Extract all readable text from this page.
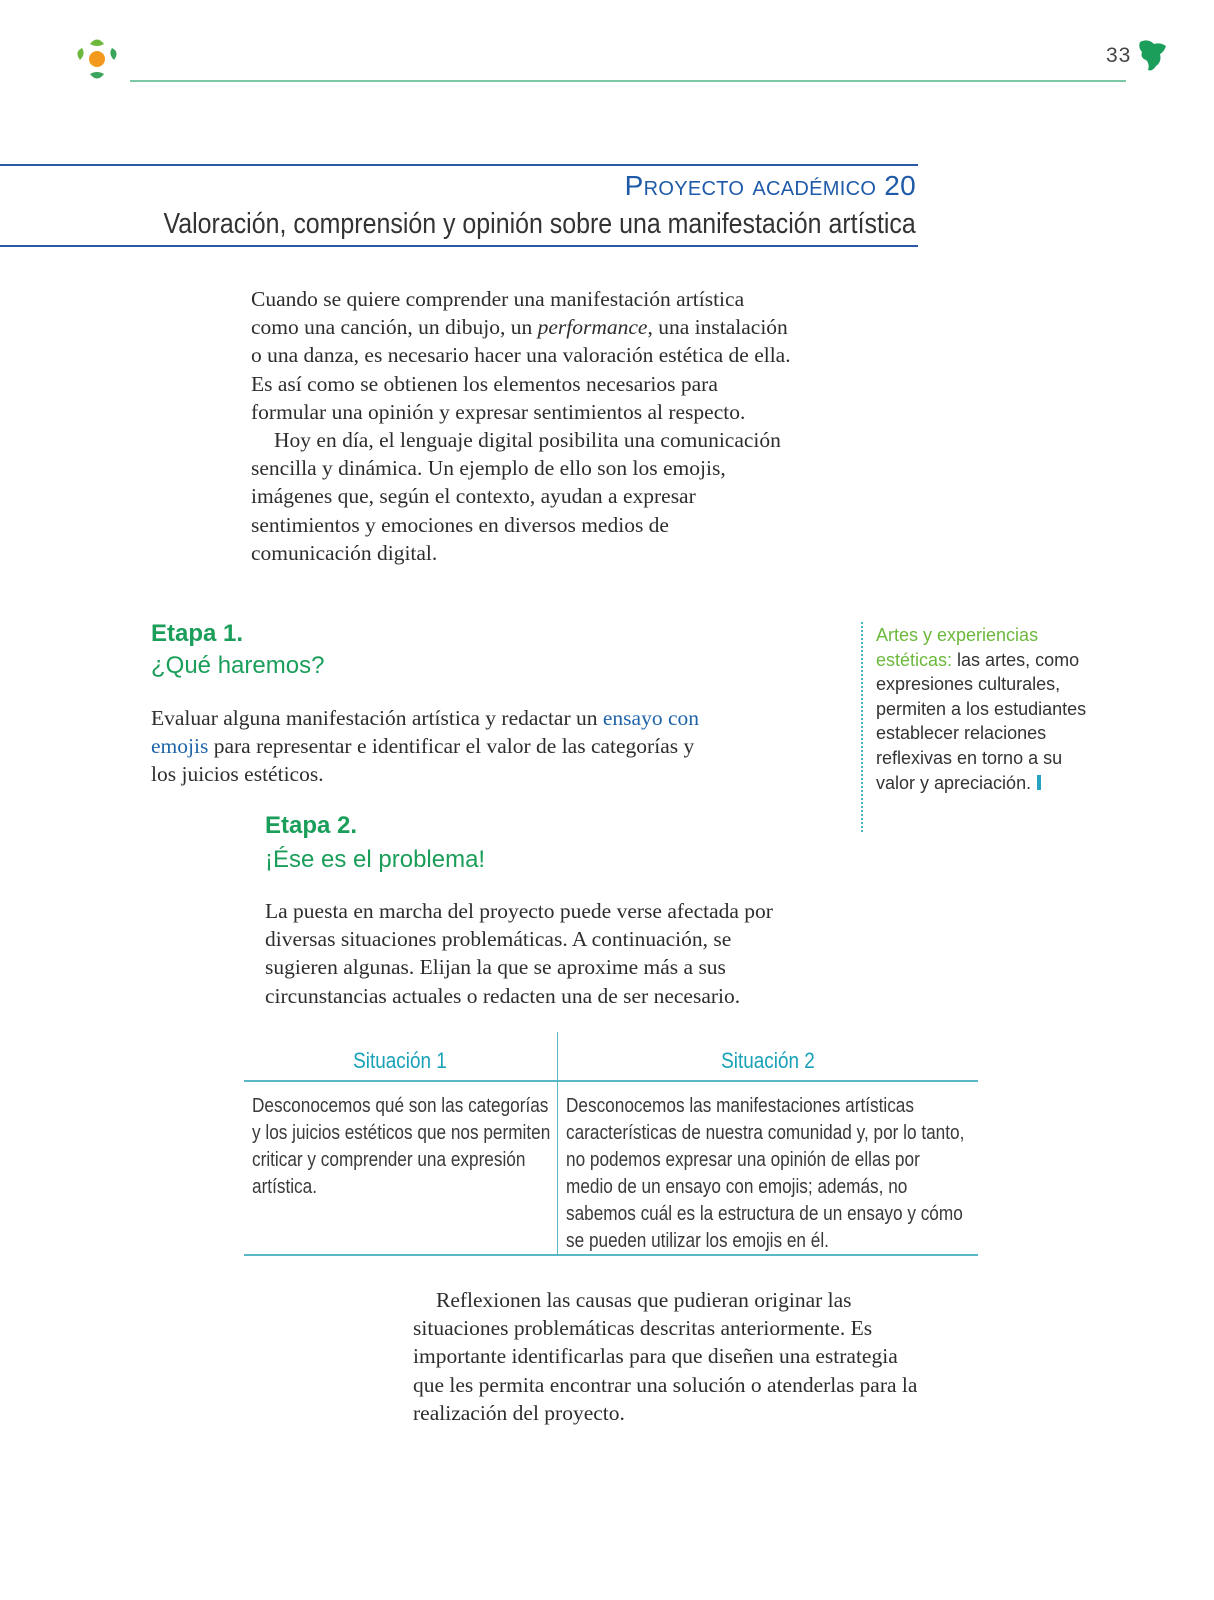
33
Proyecto académico 20
Valoración, comprensión y opinión sobre una manifestación artística

Cuando se quiere comprender una manifestación artística como una canción, un dibujo, un performance, una instalación o una danza, es necesario hacer una valoración estética de ella. Es así como se obtienen los elementos necesarios para formular una opinión y expresar sentimientos al respecto.

Hoy en día, el lenguaje digital posibilita una comunicación sencilla y dinámica. Un ejemplo de ello son los emojis, imágenes que, según el contexto, ayudan a expresar sentimientos y emociones en diversos medios de comunicación digital.

Etapa 1.
¿Qué haremos?

Evaluar alguna manifestación artística y redactar un ensayo con emojis para representar e identificar el valor de las categorías y los juicios estéticos.

Etapa 2.
¡Ése es el problema!
La puesta en marcha del proyecto puede verse afectada por diversas situaciones problemáticas. A continuación, se sugieren algunas. Elijan la que se aproxime más a sus circunstancias actuales o redacten una de ser necesario.
Artes y experiencias estéticas: las artes, como expresiones culturales, permiten a los estudiantes establecer relaciones reflexivas en torno a su valor y apreciación.
Situación 1	Situación 2
Desconocemos qué son las categorías y los juicios estéticos que nos permiten criticar y comprender una expresión artística.
Desconocemos las manifestaciones artísticas características de nuestra comunidad y, por lo tanto, no podemos expresar una opinión de ellas por medio de un ensayo con emojis; además, no sabemos cuál es la estructura de un ensayo y cómo se pueden utilizar los emojis en él.

Reflexionen las causas que pudieran originar las situaciones problemáticas descritas anteriormente. Es importante identificarlas para que diseñen una estrategia que les permita encontrar una solución o atenderlas para la realización del proyecto.
